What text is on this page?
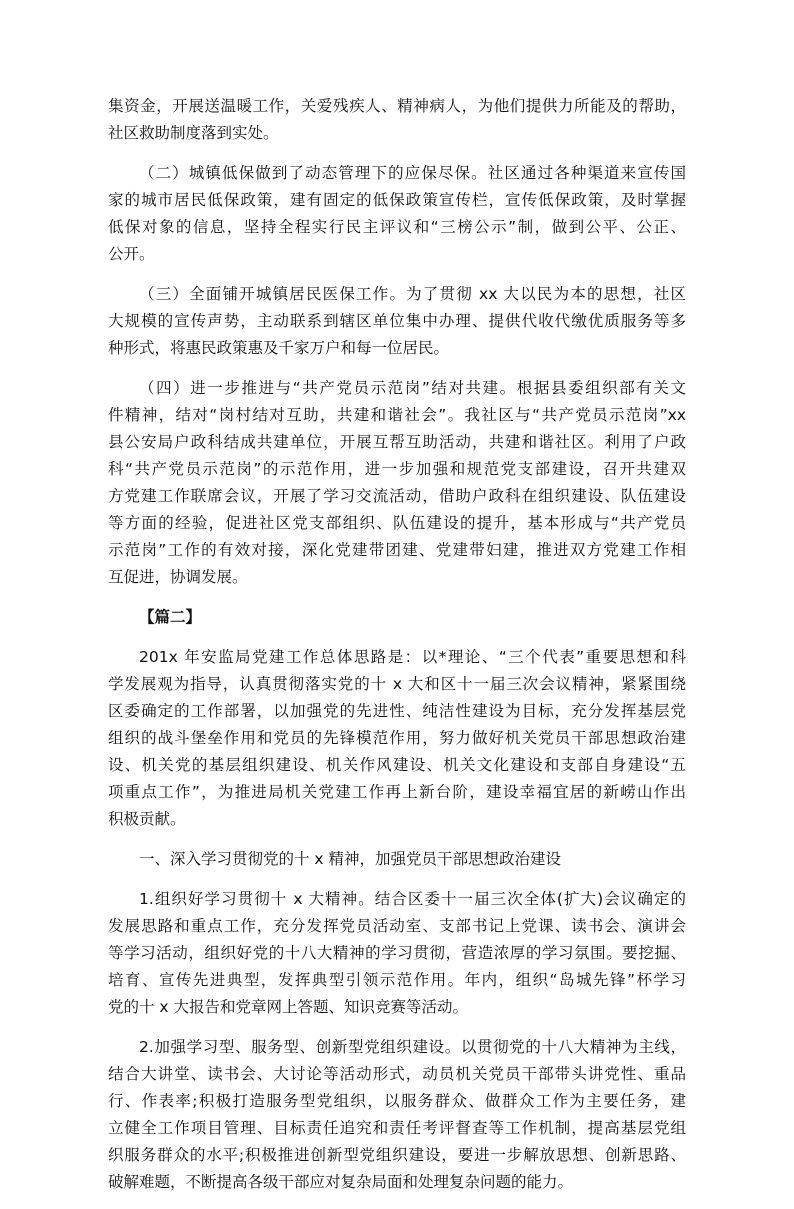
集资金，开展送温暖工作，关爱残疾人、精神病人，为他们提供力所能及的帮助，
社区救助制度落到实处。
（二）城镇低保做到了动态管理下的应保尽保。社区通过各种渠道来宣传国
家的城市居民低保政策，建有固定的低保政策宣传栏，宣传低保政策，及时掌握
低保对象的信息，坚持全程实行民主评议和“三榜公示”制，做到公平、公正、
公开。
（三）全面铺开城镇居民医保工作。为了贯彻 xx 大以民为本的思想，社区
大规模的宣传声势，主动联系到辖区单位集中办理、提供代收代缴优质服务等多
种形式，将惠民政策惠及千家万户和每一位居民。
（四）进一步推进与“共产党员示范岗”结对共建。根据县委组织部有关文
件精神，结对“岗村结对互助，共建和谐社会”。我社区与“共产党员示范岗”xx
县公安局户政科结成共建单位，开展互帮互助活动，共建和谐社区。利用了户政
科“共产党员示范岗”的示范作用，进一步加强和规范党支部建设，召开共建双
方党建工作联席会议，开展了学习交流活动，借助户政科在组织建设、队伍建设
等方面的经验，促进社区党支部组织、队伍建设的提升，基本形成与“共产党员
示范岗”工作的有效对接，深化党建带团建、党建带妇建，推进双方党建工作相
互促进，协调发展。
【篇二】
201x 年安监局党建工作总体思路是：以*理论、“三个代表”重要思想和科
学发展观为指导，认真贯彻落实党的十 x 大和区十一届三次会议精神，紧紧围绕
区委确定的工作部署，以加强党的先进性、纯洁性建设为目标，充分发挥基层党
组织的战斗堡垒作用和党员的先锋模范作用，努力做好机关党员干部思想政治建
设、机关党的基层组织建设、机关作风建设、机关文化建设和支部自身建设“五
项重点工作”，为推进局机关党建工作再上新台阶，建设幸福宜居的新崂山作出
积极贡献。
一、深入学习贯彻党的十 x 精神，加强党员干部思想政治建设
1.组织好学习贯彻十 x 大精神。结合区委十一届三次全体(扩大)会议确定的
发展思路和重点工作，充分发挥党员活动室、支部书记上党课、读书会、演讲会
等学习活动，组织好党的十八大精神的学习贯彻，营造浓厚的学习氛围。要挖掘、
培育、宣传先进典型，发挥典型引领示范作用。年内，组织“岛城先锋”杯学习
党的十 x 大报告和党章网上答题、知识竞赛等活动。
2.加强学习型、服务型、创新型党组织建设。以贯彻党的十八大精神为主线，
结合大讲堂、读书会、大讨论等活动形式，动员机关党员干部带头讲党性、重品
行、作表率;积极打造服务型党组织，以服务群众、做群众工作为主要任务，建
立健全工作项目管理、目标责任追究和责任考评督查等工作机制，提高基层党组
织服务群众的水平;积极推进创新型党组织建设，要进一步解放思想、创新思路、
破解难题，不断提高各级干部应对复杂局面和处理复杂问题的能力。
